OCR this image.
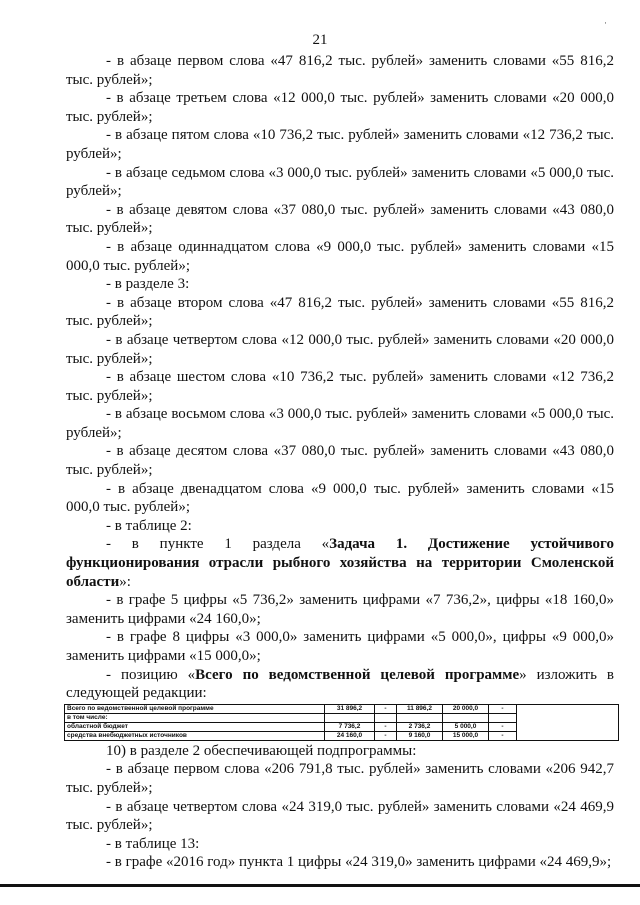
21
·

- в абзаце первом слова «47 816,2 тыс. рублей» заменить словами «55 816,2 тыс. рублей»;

- в абзаце третьем слова «12 000,0 тыс. рублей» заменить словами «20 000,0 тыс. рублей»;

- в абзаце пятом слова «10 736,2 тыс. рублей» заменить словами «12 736,2 тыс. рублей»;

- в абзаце седьмом слова «3 000,0 тыс. рублей» заменить словами «5 000,0 тыс. рублей»;

- в абзаце девятом слова «37 080,0 тыс. рублей» заменить словами «43 080,0 тыс. рублей»;

- в абзаце одиннадцатом слова «9 000,0 тыс. рублей» заменить словами «15 000,0 тыс. рублей»;

- в разделе 3:

- в абзаце втором слова «47 816,2 тыс. рублей» заменить словами «55 816,2 тыс. рублей»;

- в абзаце четвертом слова «12 000,0 тыс. рублей» заменить словами «20 000,0 тыс. рублей»;

- в абзаце шестом слова «10 736,2 тыс. рублей» заменить словами «12 736,2 тыс. рублей»;

- в абзаце восьмом слова «3 000,0 тыс. рублей» заменить словами «5 000,0 тыс. рублей»;

- в абзаце десятом слова «37 080,0 тыс. рублей» заменить словами «43 080,0 тыс. рублей»;

- в абзаце двенадцатом слова «9 000,0 тыс. рублей» заменить словами «15 000,0 тыс. рублей»;

- в таблице 2:

- в пункте 1 раздела «Задача 1. Достижение устойчивого функционирования отрасли рыбного хозяйства на территории Смоленской области»:

- в графе 5 цифры «5 736,2» заменить цифрами «7 736,2», цифры «18 160,0» заменить цифрами «24 160,0»;

- в графе 8 цифры «3 000,0» заменить цифрами «5 000,0», цифры «9 000,0» заменить цифрами «15 000,0»;

- позицию «Всего по ведомственной целевой программе» изложить в следующей редакции:

Всего по ведомственной целевой программе	31 896,2	-	11 896,2	20 000,0	-	
в том числе:						
областной бюджет	7 736,2	-	2 736,2	5 000,0	-	
средства внебюджетных источников	24 160,0	-	9 160,0	15 000,0	-	

10) в разделе 2 обеспечивающей подпрограммы:

- в абзаце первом слова «206 791,8 тыс. рублей» заменить словами «206 942,7 тыс. рублей»;

- в абзаце четвертом слова «24 319,0 тыс. рублей» заменить словами «24 469,9 тыс. рублей»;

- в таблице 13:

- в графе «2016 год» пункта 1 цифры «24 319,0» заменить цифрами «24 469,9»;
